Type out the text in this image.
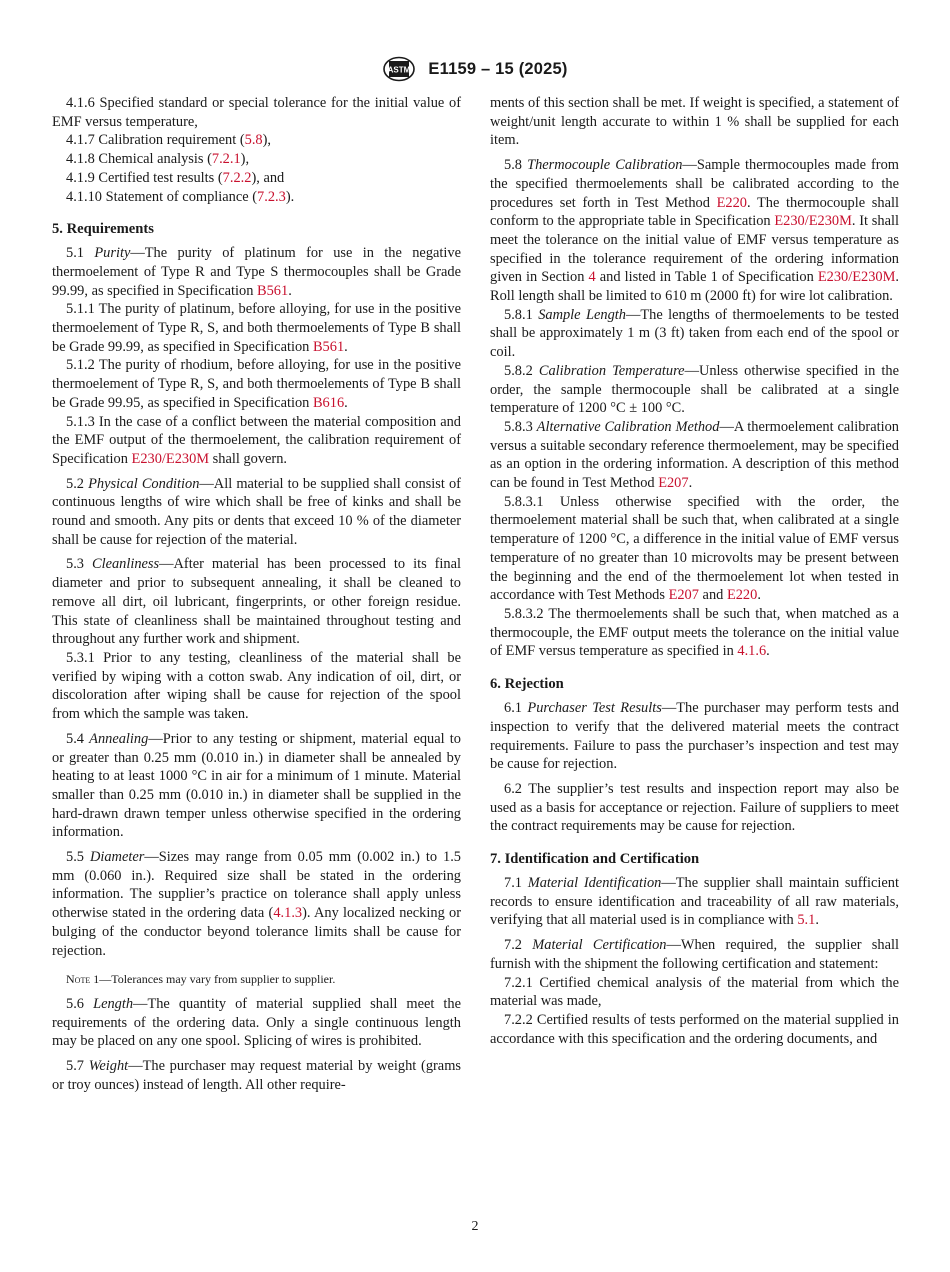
ASTM E1159 – 15 (2025)

4.1.6 Specified standard or special tolerance for the initial value of EMF versus temperature,

4.1.7 Calibration requirement (5.8),

4.1.8 Chemical analysis (7.2.1),

4.1.9 Certified test results (7.2.2), and

4.1.10 Statement of compliance (7.2.3).

5. Requirements

5.1 Purity—The purity of platinum for use in the negative thermoelement of Type R and Type S thermocouples shall be Grade 99.99, as specified in Specification B561.

5.1.1 The purity of platinum, before alloying, for use in the positive thermoelement of Type R, S, and both thermoelements of Type B shall be Grade 99.99, as specified in Specification B561.

5.1.2 The purity of rhodium, before alloying, for use in the positive thermoelement of Type R, S, and both thermoelements of Type B shall be Grade 99.95, as specified in Specification B616.

5.1.3 In the case of a conflict between the material composition and the EMF output of the thermoelement, the calibration requirement of Specification E230/E230M shall govern.

5.2 Physical Condition—All material to be supplied shall consist of continuous lengths of wire which shall be free of kinks and shall be round and smooth. Any pits or dents that exceed 10 % of the diameter shall be cause for rejection of the material.

5.3 Cleanliness—After material has been processed to its final diameter and prior to subsequent annealing, it shall be cleaned to remove all dirt, oil lubricant, fingerprints, or other foreign residue. This state of cleanliness shall be maintained throughout testing and throughout any further work and shipment.

5.3.1 Prior to any testing, cleanliness of the material shall be verified by wiping with a cotton swab. Any indication of oil, dirt, or discoloration after wiping shall be cause for rejection of the spool from which the sample was taken.

5.4 Annealing—Prior to any testing or shipment, material equal to or greater than 0.25 mm (0.010 in.) in diameter shall be annealed by heating to at least 1000 °C in air for a minimum of 1 minute. Material smaller than 0.25 mm (0.010 in.) in diameter shall be supplied in the hard-drawn drawn temper unless otherwise specified in the ordering information.

5.5 Diameter—Sizes may range from 0.05 mm (0.002 in.) to 1.5 mm (0.060 in.). Required size shall be stated in the ordering information. The supplier’s practice on tolerance shall apply unless otherwise stated in the ordering data (4.1.3). Any localized necking or bulging of the conductor beyond tolerance limits shall be cause for rejection.

Note 1—Tolerances may vary from supplier to supplier.

5.6 Length—The quantity of material supplied shall meet the requirements of the ordering data. Only a single continuous length may be placed on any one spool. Splicing of wires is prohibited.

5.7 Weight—The purchaser may request material by weight (grams or troy ounces) instead of length. All other require-

ments of this section shall be met. If weight is specified, a statement of weight/unit length accurate to within 1 % shall be supplied for each item.

5.8 Thermocouple Calibration—Sample thermocouples made from the specified thermoelements shall be calibrated according to the procedures set forth in Test Method E220. The thermocouple shall conform to the appropriate table in Specification E230/E230M. It shall meet the tolerance on the initial value of EMF versus temperature as specified in the tolerance requirement of the ordering information given in Section 4 and listed in Table 1 of Specification E230/E230M. Roll length shall be limited to 610 m (2000 ft) for wire lot calibration.

5.8.1 Sample Length—The lengths of thermoelements to be tested shall be approximately 1 m (3 ft) taken from each end of the spool or coil.

5.8.2 Calibration Temperature—Unless otherwise specified in the order, the sample thermocouple shall be calibrated at a single temperature of 1200 °C ± 100 °C.

5.8.3 Alternative Calibration Method—A thermoelement calibration versus a suitable secondary reference thermoelement, may be specified as an option in the ordering information. A description of this method can be found in Test Method E207.

5.8.3.1 Unless otherwise specified with the order, the thermoelement material shall be such that, when calibrated at a single temperature of 1200 °C, a difference in the initial value of EMF versus temperature of no greater than 10 microvolts may be present between the beginning and the end of the thermoelement lot when tested in accordance with Test Methods E207 and E220.

5.8.3.2 The thermoelements shall be such that, when matched as a thermocouple, the EMF output meets the tolerance on the initial value of EMF versus temperature as specified in 4.1.6.

6. Rejection

6.1 Purchaser Test Results—The purchaser may perform tests and inspection to verify that the delivered material meets the contract requirements. Failure to pass the purchaser’s inspection and test may be cause for rejection.

6.2 The supplier’s test results and inspection report may also be used as a basis for acceptance or rejection. Failure of suppliers to meet the contract requirements may be cause for rejection.

7. Identification and Certification

7.1 Material Identification—The supplier shall maintain sufficient records to ensure identification and traceability of all raw materials, verifying that all material used is in compliance with 5.1.

7.2 Material Certification—When required, the supplier shall furnish with the shipment the following certification and statement:

7.2.1 Certified chemical analysis of the material from which the material was made,

7.2.2 Certified results of tests performed on the material supplied in accordance with this specification and the ordering documents, and

2
